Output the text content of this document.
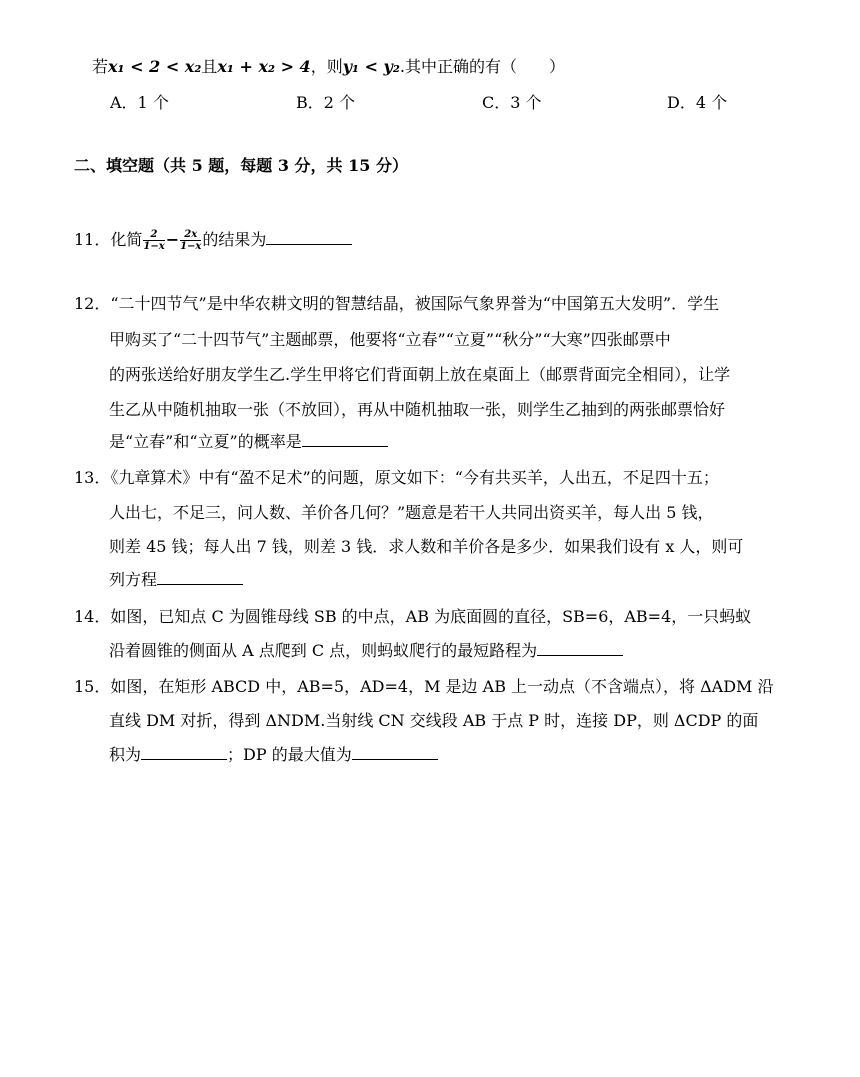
若x₁ < 2 < x₂且x₁ + x₂ > 4，则y₁ < y₂.其中正确的有（　　）
A．1 个	B．2 个	C．3 个	D．4 个
二、填空题（共 5 题，每题 3 分，共 15 分）
11．化简 $\frac{2}{1-x} - \frac{2x}{1-x}$ 的结果为
12．“二十四节气”是中华农耕文明的智慧结晶，被国际气象界誉为“中国第五大发明”．学生
甲购买了“二十四节气”主题邮票，他要将“立春”“立夏”“秋分”“大寒”四张邮票中
的两张送给好朋友学生乙.学生甲将它们背面朝上放在桌面上（邮票背面完全相同），让学
生乙从中随机抽取一张（不放回），再从中随机抽取一张，则学生乙抽到的两张邮票恰好
是“立春”和“立夏”的概率是
13．《九章算术》中有“盈不足术”的问题，原文如下：“今有共买羊，人出五，不足四十五；
人出七，不足三，问人数、羊价各几何？”题意是若干人共同出资买羊，每人出 5 钱，
则差 45 钱；每人出 7 钱，则差 3 钱．求人数和羊价各是多少．如果我们设有 x 人，则可
列方程
14．如图，已知点 C 为圆锥母线 SB 的中点，AB 为底面圆的直径，SB=6，AB=4，一只蚂蚁
沿着圆锥的侧面从 A 点爬到 C 点，则蚂蚁爬行的最短路程为
15．如图，在矩形 ABCD 中，AB=5，AD=4，M 是边 AB 上一动点（不含端点），将 ΔADM 沿
直线 DM 对折，得到 ΔNDM.当射线 CN 交线段 AB 于点 P 时，连接 DP，则 ΔCDP 的面
积为	；DP 的最大值为
